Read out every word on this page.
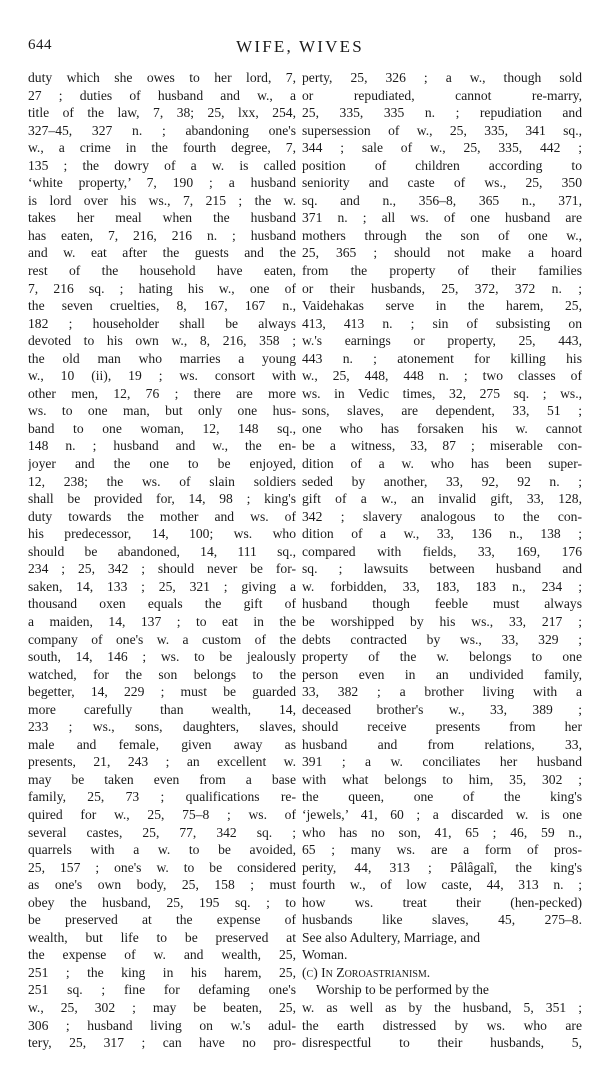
644	WIFE, WIVES
duty which she owes to her lord, 7,
27 ; duties of husband and w., a
title of the law, 7, 38; 25, lxx, 254,
327–45, 327 n. ; abandoning one's
w., a crime in the fourth degree, 7,
135 ; the dowry of a w. is called
‘white property,’ 7, 190 ; a husband
is lord over his ws., 7, 215 ; the w.
takes her meal when the husband
has eaten, 7, 216, 216 n. ; husband
and w. eat after the guests and the
rest of the household have eaten,
7, 216 sq. ; hating his w., one of
the seven cruelties, 8, 167, 167 n.,
182 ; householder shall be always
devoted to his own w., 8, 216, 358 ;
the old man who marries a young
w., 10 (ii), 19 ; ws. consort with
other men, 12, 76 ; there are more
ws. to one man, but only one hus-
band to one woman, 12, 148 sq.,
148 n. ; husband and w., the en-
joyer and the one to be enjoyed,
12, 238; the ws. of slain soldiers
shall be provided for, 14, 98 ; king's
duty towards the mother and ws. of
his predecessor, 14, 100; ws. who
should be abandoned, 14, 111 sq.,
234 ; 25, 342 ; should never be for-
saken, 14, 133 ; 25, 321 ; giving a
thousand oxen equals the gift of
a maiden, 14, 137 ; to eat in the
company of one's w. a custom of the
south, 14, 146 ; ws. to be jealously
watched, for the son belongs to the
begetter, 14, 229 ; must be guarded
more carefully than wealth, 14,
233 ; ws., sons, daughters, slaves,
male and female, given away as
presents, 21, 243 ; an excellent w.
may be taken even from a base
family, 25, 73 ; qualifications re-
quired for w., 25, 75–8 ; ws. of
several castes, 25, 77, 342 sq. ;
quarrels with a w. to be avoided,
25, 157 ; one's w. to be considered
as one's own body, 25, 158 ; must
obey the husband, 25, 195 sq. ; to
be preserved at the expense of
wealth, but life to be preserved at
the expense of w. and wealth, 25,
251 ; the king in his harem, 25,
251 sq. ; fine for defaming one's
w., 25, 302 ; may be beaten, 25,
306 ; husband living on w.'s adul-
tery, 25, 317 ; can have no pro-
perty, 25, 326 ; a w., though sold
or repudiated, cannot re-marry,
25, 335, 335 n. ; repudiation and
supersession of w., 25, 335, 341 sq.,
344 ; sale of w., 25, 335, 442 ;
position of children according to
seniority and caste of ws., 25, 350
sq. and n., 356–8, 365 n., 371,
371 n. ; all ws. of one husband are
mothers through the son of one w.,
25, 365 ; should not make a hoard
from the property of their families
or their husbands, 25, 372, 372 n. ;
Vaidehakas serve in the harem, 25,
413, 413 n. ; sin of subsisting on
w.'s earnings or property, 25, 443,
443 n. ; atonement for killing his
w., 25, 448, 448 n. ; two classes of
ws. in Vedic times, 32, 275 sq. ; ws.,
sons, slaves, are dependent, 33, 51 ;
one who has forsaken his w. cannot
be a witness, 33, 87 ; miserable con-
dition of a w. who has been super-
seded by another, 33, 92, 92 n. ;
gift of a w., an invalid gift, 33, 128,
342 ; slavery analogous to the con-
dition of a w., 33, 136 n., 138 ;
compared with fields, 33, 169, 176
sq. ; lawsuits between husband and
w. forbidden, 33, 183, 183 n., 234 ;
husband though feeble must always
be worshipped by his ws., 33, 217 ;
debts contracted by ws., 33, 329 ;
property of the w. belongs to one
person even in an undivided family,
33, 382 ; a brother living with a
deceased brother's w., 33, 389 ;
should receive presents from her
husband and from relations, 33,
391 ; a w. conciliates her husband
with what belongs to him, 35, 302 ;
the queen, one of the king's
‘jewels,’ 41, 60 ; a discarded w. is one
who has no son, 41, 65 ; 46, 59 n.,
65 ; many ws. are a form of pros-
perity, 44, 313 ; Pâlâgalî, the king's
fourth w., of low caste, 44, 313 n. ;
how ws. treat their (hen-pecked)
husbands like slaves, 45, 275–8.
See also Adultery, Marriage, and
Woman.
(c) In Zoroastrianism.
Worship to be performed by the
w. as well as by the husband, 5, 351 ;
the earth distressed by ws. who are
disrespectful to their husbands, 5,
